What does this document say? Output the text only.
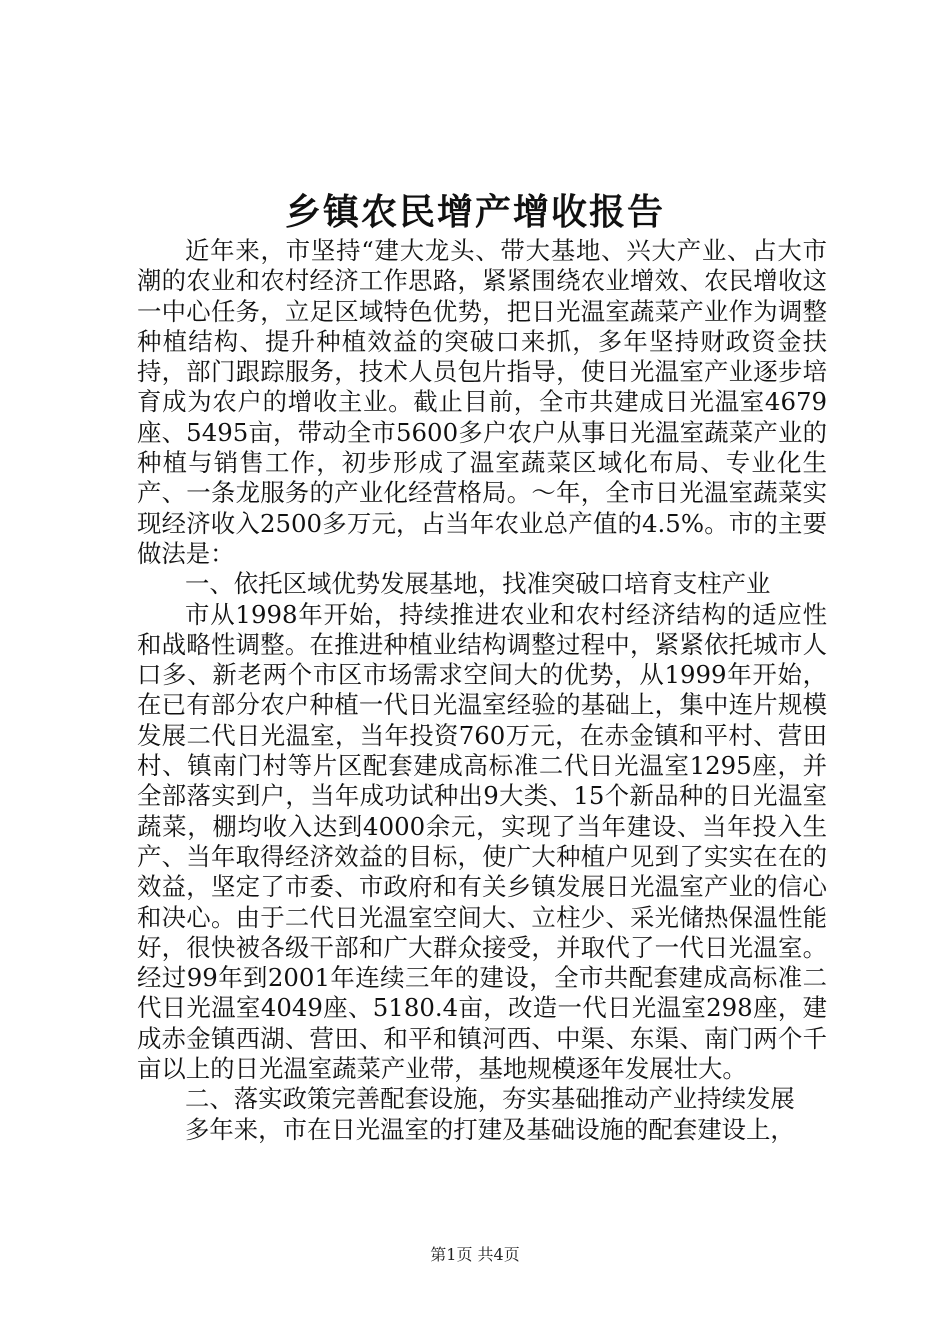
乡镇农民增产增收报告

近年来，市坚持“建大龙头、带大基地、兴大产业、占大市潮的农业和农村经济工作思路，紧紧围绕农业增效、农民增收这一中心任务，立足区域特色优势，把日光温室蔬菜产业作为调整种植结构、提升种植效益的突破口来抓，多年坚持财政资金扶持，部门跟踪服务，技术人员包片指导，使日光温室产业逐步培育成为农户的增收主业。截止目前，全市共建成日光温室4679座、5495亩，带动全市5600多户农户从事日光温室蔬菜产业的种植与销售工作，初步形成了温室蔬菜区域化布局、专业化生产、一条龙服务的产业化经营格局。～年，全市日光温室蔬菜实现经济收入2500多万元，占当年农业总产值的4.5%。市的主要做法是：

一、依托区域优势发展基地，找准突破口培育支柱产业

市从1998年开始，持续推进农业和农村经济结构的适应性和战略性调整。在推进种植业结构调整过程中，紧紧依托城市人口多、新老两个市区市场需求空间大的优势，从1999年开始，在已有部分农户种植一代日光温室经验的基础上，集中连片规模发展二代日光温室，当年投资760万元，在赤金镇和平村、营田村、镇南门村等片区配套建成高标准二代日光温室1295座，并全部落实到户，当年成功试种出9大类、15个新品种的日光温室蔬菜，棚均收入达到4000余元，实现了当年建设、当年投入生产、当年取得经济效益的目标，使广大种植户见到了实实在在的效益，坚定了市委、市政府和有关乡镇发展日光温室产业的信心和决心。由于二代日光温室空间大、立柱少、采光储热保温性能好，很快被各级干部和广大群众接受，并取代了一代日光温室。经过99年到2001年连续三年的建设，全市共配套建成高标准二代日光温室4049座、5180.4亩，改造一代日光温室298座，建成赤金镇西湖、营田、和平和镇河西、中渠、东渠、南门两个千亩以上的日光温室蔬菜产业带，基地规模逐年发展壮大。

二、落实政策完善配套设施，夯实基础推动产业持续发展

多年来，市在日光温室的打建及基础设施的配套建设上，

第1页 共4页
